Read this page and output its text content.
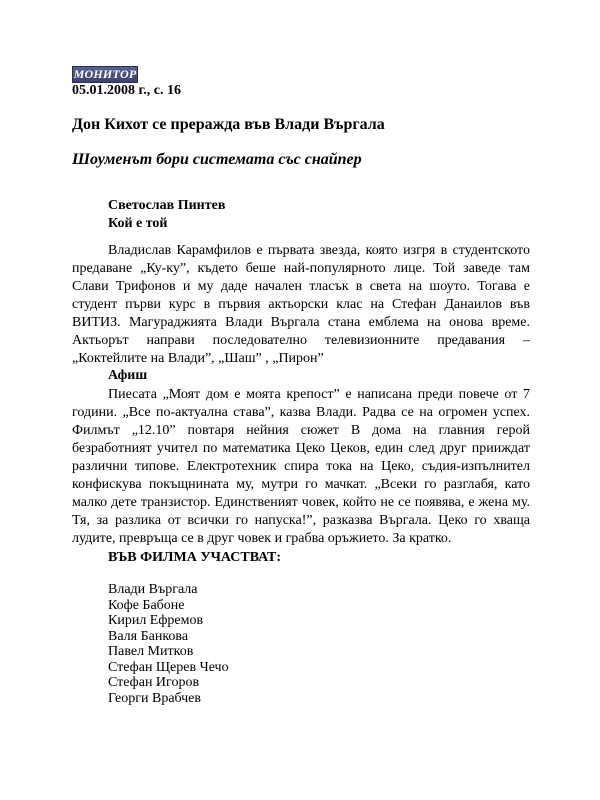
МОНИТОР
05.01.2008 г., с. 16
Дон Кихот се преражда във Влади Въргала
Шоуменът бори системата със снайпер
Светослав Пинтев
Кой е той

Владислав Карамфилов е първата звезда, която изгря в студентското предаване „Ку-ку”, където беше най-популярното лице. Той заведе там Слави Трифонов и му даде начален тласък в света на шоуто. Тогава е студент първи курс в първия актьорски клас на Стефан Данаилов във ВИТИЗ. Магураджията Влади Въргала стана емблема на онова време. Актьорът направи последователно телевизионните предавания – „Коктейлите на Влади”, „Шаш” , „Пирон”

Афиш

Пиесата „Моят дом е моята крепост” е написана преди повече от 7 години. „Все по-актуална става”, казва Влади. Радва се на огромен успех. Филмът „12.10” повтаря нейния сюжет В дома на главния герой безработният учител по математика Цеко Цеков, един след друг прииждат различни типове. Електротехник спира тока на Цеко, съдия-изпълнител конфискува покъщнината му, мутри го мачкат. „Всеки го разглабя, като малко дете транзистор. Единственият човек, който не се появява, е жена му. Тя, за разлика от всички го напуска!”, разказва Въргала. Цеко го хваща лудите, превръща се в друг човек и грабва оръжието. За кратко.

ВЪВ ФИЛМА УЧАСТВАТ:
Влади Въргала
Кофе Бабоне
Кирил Ефремов
Валя Банкова
Павел Митков
Стефан Щерев Чечо
Стефан Игоров
Георги Врабчев
